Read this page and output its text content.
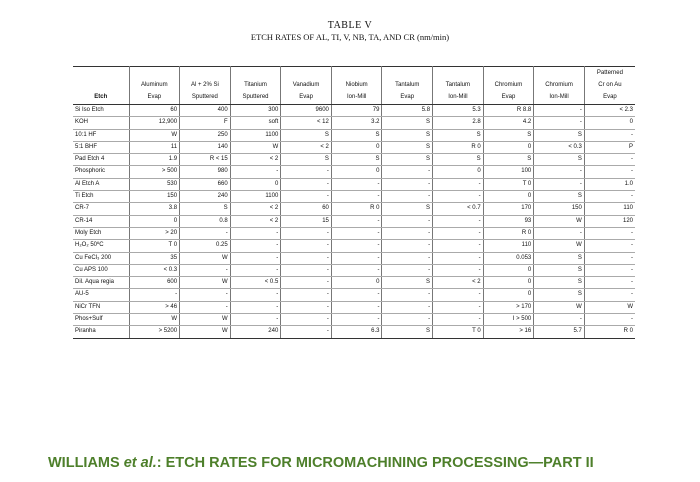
TABLE V
ETCH RATES OF AL, TI, V, NB, TA, AND CR (nm/min)
										Patterned
	Aluminum	Al + 2% Si	Titanium	Vanadium	Niobium	Tantalum	Tantalum	Chromium	Chromium	Cr on Au
Etch	Evap	Sputtered	Sputtered	Evap	Ion-Mill	Evap	Ion-Mill	Evap	Ion-Mill	Evap
Si Iso Etch	60	400	300	9600	79	5.8	5.3	R 8.8	-	< 2.3
KOH	12,900	F	soft	< 12	3.2	S	2.8	4.2	-	0
10:1 HF	W	250	1100	S	S	S	S	S	S	-
5:1 BHF	11	140	W	< 2	0	S	R 0	0	< 0.3	P
Pad Etch 4	1.9	R < 15	< 2	S	S	S	S	S	S	-
Phosphoric	> 500	980	-	-	0	-	0	100	-	-
Al Etch A	530	660	0	-	-	-	-	T 0	-	1.0
Ti Etch	150	240	1100	-	-	-	-	0	S	-
CR-7	3.8	S	< 2	60	R 0	S	< 0.7	170	150	110
CR-14	0	0.8	< 2	15	-	-	-	93	W	120
Moly Etch	> 20	-	-	-	-	-	-	R 0	-	-
H₂O₂ 50ºC	T 0	0.25	-	-	-	-	-	110	W	-
Cu FeCl₃ 200	35	W	-	-	-	-	-	0.053	S	-
Cu APS 100	< 0.3	-	-	-	-	-	-	0	S	-
Dil. Aqua regia	600	W	< 0.5	-	0	S	< 2	0	S	-
AU-5	-	-	-	-	-	-	-	0	S	-
NiCr TFN	> 46	-	-	-	-	-	-	> 170	W	W
Phos+Sulf	W	W	-	-	-	-	-	I > 500	-	-
Piranha	> 5200	W	240	-	6.3	S	T 0	> 16	5.7	R 0
WILLIAMS et al.: ETCH RATES FOR MICROMACHINING PROCESSING—PART II
